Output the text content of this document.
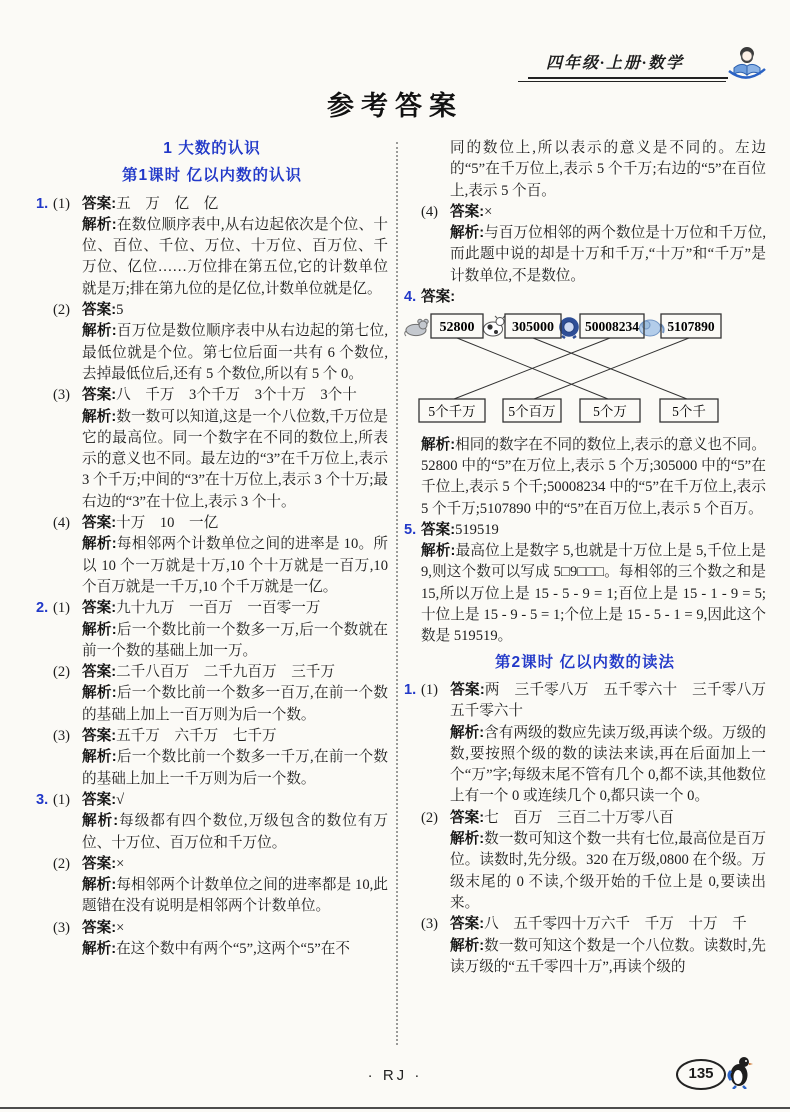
四年级·上册·数学
参考答案
1 大数的认识
第1课时 亿以内数的认识

1. (1) 答案:五　万　亿　亿

解析:在数位顺序表中,从右边起依次是个位、十位、百位、千位、万位、十万位、百万位、千万位、亿位……万位排在第五位,它的计数单位就是万;排在第九位的是亿位,计数单位就是亿。

(2) 答案:5

解析:百万位是数位顺序表中从右边起的第七位,最低位就是个位。第七位后面一共有 6 个数位,去掉最低位后,还有 5 个数位,所以有 5 个 0。

(3) 答案:八　千万　3个千万　3个十万　3个十

解析:数一数可以知道,这是一个八位数,千万位是它的最高位。同一个数字在不同的数位上,所表示的意义也不同。最左边的“3”在千万位上,表示 3 个千万;中间的“3”在十万位上,表示 3 个十万;最右边的“3”在十位上,表示 3 个十。

(4) 答案:十万　10　一亿

解析:每相邻两个计数单位之间的进率是 10。所以 10 个一万就是十万,10 个十万就是一百万,10 个百万就是一千万,10 个千万就是一亿。

2. (1) 答案:九十九万　一百万　一百零一万

解析:后一个数比前一个数多一万,后一个数就在前一个数的基础上加一万。

(2) 答案:二千八百万　二千九百万　三千万

解析:后一个数比前一个数多一百万,在前一个数的基础上加上一百万则为后一个数。

(3) 答案:五千万　六千万　七千万

解析:后一个数比前一个数多一千万,在前一个数的基础上加上一千万则为后一个数。

3. (1) 答案:√

解析:每级都有四个数位,万级包含的数位有万位、十万位、百万位和千万位。

(2) 答案:×

解析:每相邻两个计数单位之间的进率都是 10,此题错在没有说明是相邻两个计数单位。

(3) 答案:×

解析:在这个数中有两个“5”,这两个“5”在不

同的数位上,所以表示的意义是不同的。左边的“5”在千万位上,表示 5 个千万;右边的“5”在百位上,表示 5 个百。

(4) 答案:×

解析:与百万位相邻的两个数位是十万位和千万位,而此题中说的却是十万和千万,“十万”和“千万”是计数单位,不是数位。

4. 答案:

52800	305000 50008234 5107890
5个千万 5个百万	5个万	5个千

解析:相同的数字在不同的数位上,表示的意义也不同。52800 中的“5”在万位上,表示 5 个万;305000 中的“5”在千位上,表示 5 个千;50008234 中的“5”在千万位上,表示 5 个千万;5107890 中的“5”在百万位上,表示 5 个百万。

5. 答案:519519

解析:最高位上是数字 5,也就是十万位上是 5,千位上是 9,则这个数可以写成 5□9□□□。每相邻的三个数之和是 15,所以万位上是 15 - 5 - 9 = 1;百位上是 15 - 1 - 9 = 5;十位上是 15 - 9 - 5 = 1;个位上是 15 - 5 - 1 = 9,因此这个数是 519519。

第2课时 亿以内数的读法

1. (1) 答案:两　三千零八万　五千零六十　三千零八万五千零六十

解析:含有两级的数应先读万级,再读个级。万级的数,要按照个级的数的读法来读,再在后面加上一个“万”字;每级末尾不管有几个 0,都不读,其他数位上有一个 0 或连续几个 0,都只读一个 0。

(2) 答案:七　百万　三百二十万零八百

解析:数一数可知这个数一共有七位,最高位是百万位。读数时,先分级。320 在万级,0800 在个级。万级末尾的 0 不读,个级开始的千位上是 0,要读出来。

(3) 答案:八　五千零四十万六千　千万　十万　千

解析:数一数可知这个数是一个八位数。读数时,先读万级的“五千零四十万”,再读个级的

· RJ ·	135
